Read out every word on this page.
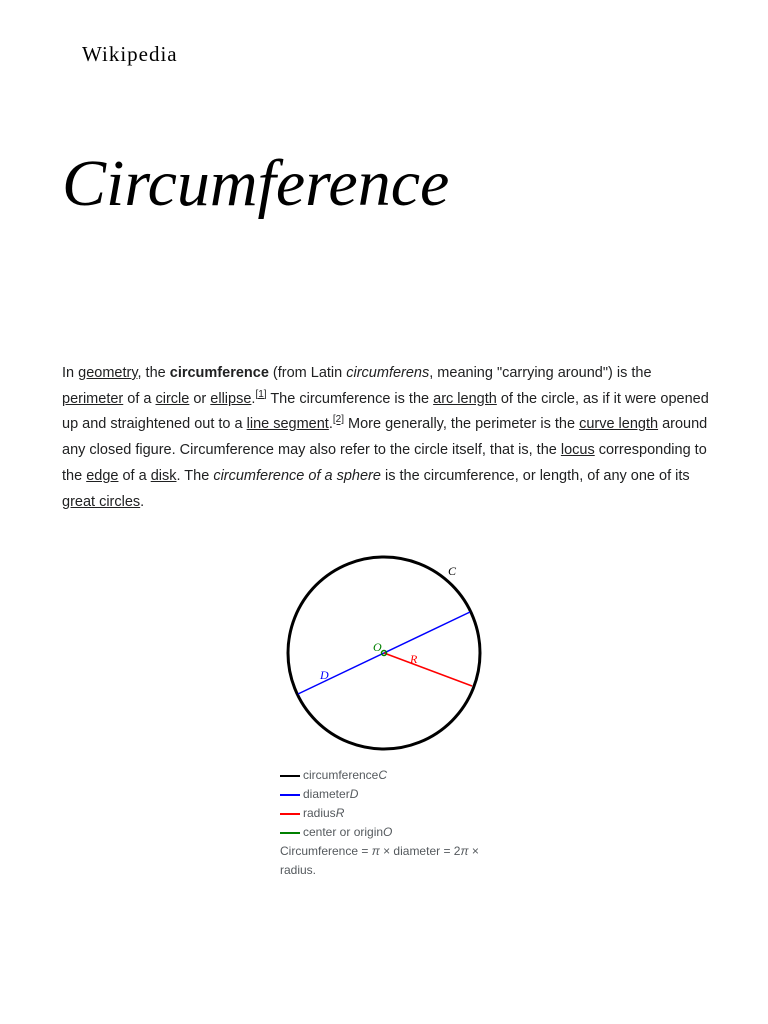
Wikipedia
Circumference

In geometry, the circumference (from Latin circumferens, meaning "carrying around") is the perimeter of a circle or ellipse.[1] The circumference is the arc length of the circle, as if it were opened up and straightened out to a line segment.[2] More generally, the perimeter is the curve length around any closed figure. Circumference may also refer to the circle itself, that is, the locus corresponding to the edge of a disk. The circumference of a sphere is the circumference, or length, of any one of its great circles.

C
D
R
O
circumference C
diameter D
radius R
center or origin O
Circumference = π × diameter = 2π × radius.
